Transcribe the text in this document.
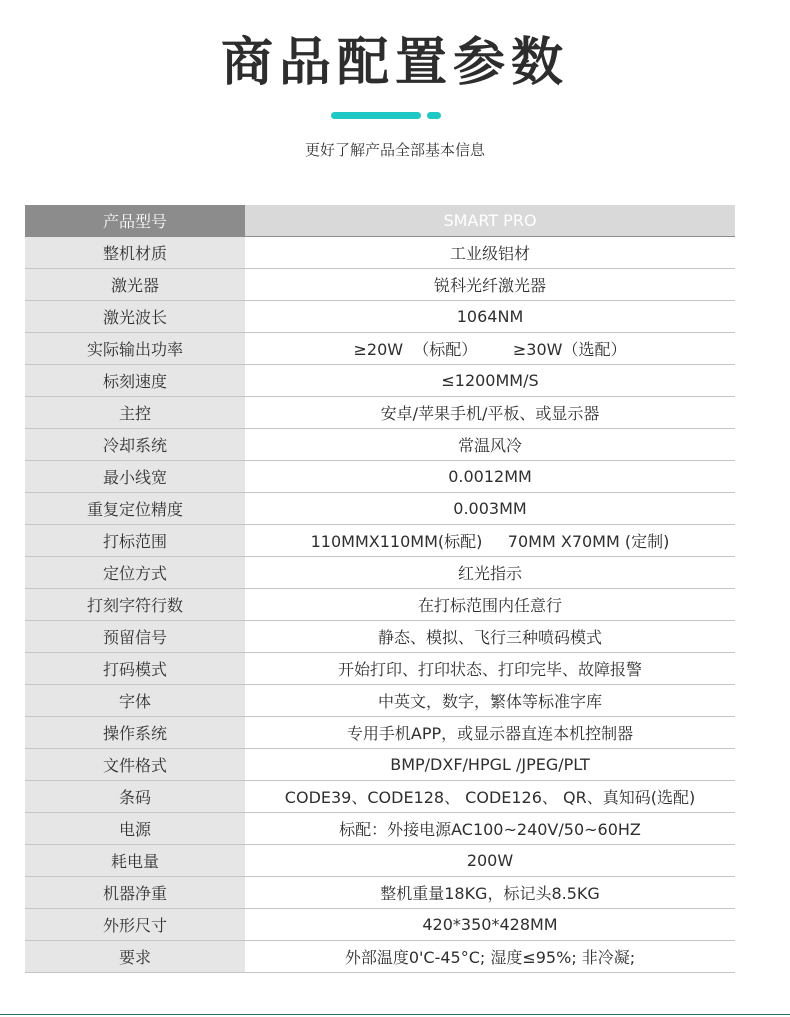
商品配置参数
更好了解产品全部基本信息
产品型号	SMART PRO
整机材质	工业级铝材
激光器	锐科光纤激光器
激光波长	1064NM
实际输出功率	≥20W  （标配）       ≥30W（选配）
标刻速度	≤1200MM/S
主控	安卓/苹果手机/平板、或显示器
冷却系统	常温风冷
最小线宽	0.0012MM
重复定位精度	0.003MM
打标范围	110MMX110MM(标配)     70MM X70MM (定制)
定位方式	红光指示
打刻字符行数	在打标范围内任意行
预留信号	静态、模拟、飞行三种喷码模式
打码模式	开始打印、打印状态、打印完毕、故障报警
字体	中英文，数字，繁体等标准字库
操作系统	专用手机APP，或显示器直连本机控制器
文件格式	BMP/DXF/HPGL /JPEG/PLT
条码	CODE39、CODE128、 CODE126、 QR、真知码(选配)
电源	标配：外接电源AC100~240V/50~60HZ
耗电量	200W
机器净重	整机重量18KG，标记头8.5KG
外形尺寸	420*350*428MM
要求	外部温度0'C-45°C; 湿度≤95%; 非冷凝;
